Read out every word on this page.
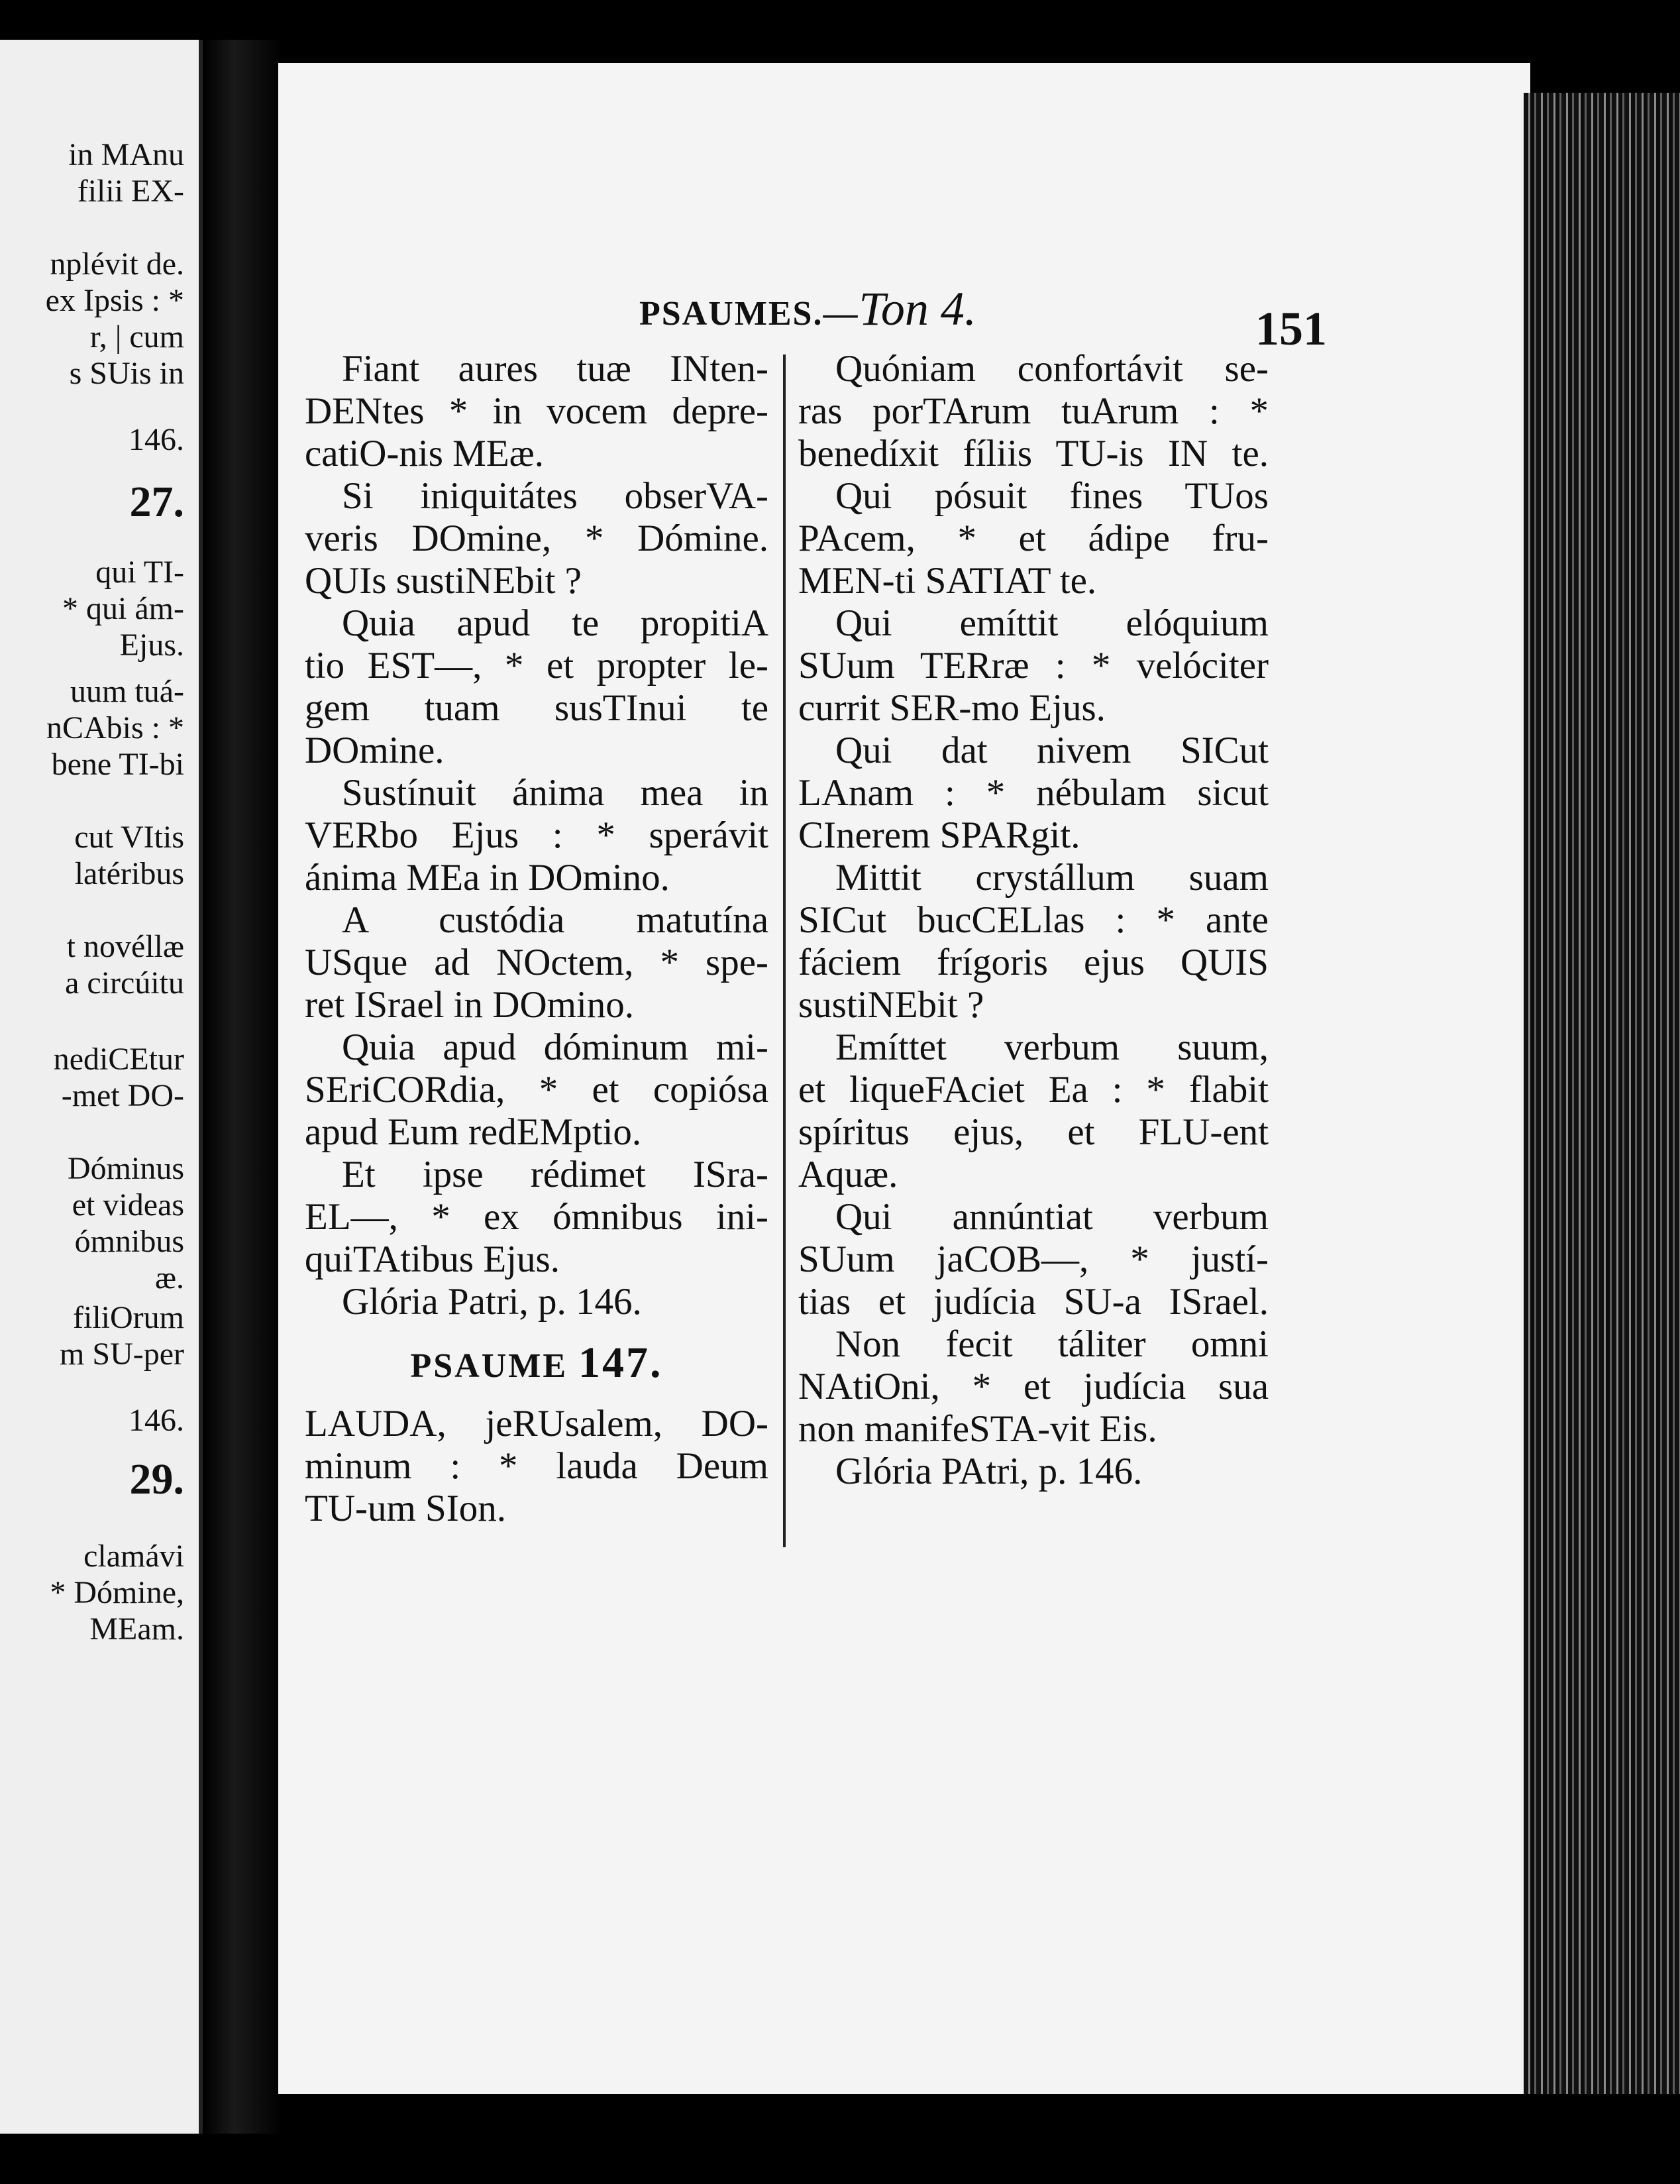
in MAnu
filii EX-
nplévit de.
ex Ipsis : *
r, | cum
s SUis in
146.
27.
qui TI-
* qui ám-
Ejus.
uum tuá-
nCAbis : *
bene TI-bi
cut VItis
latéribus
t novéllæ
a circúitu
nediCEtur
-met DO-
Dóminus
et videas
ómnibus
æ.
filiOrum
m SU-per
146.
29.
clamávi
* Dómine,
MEam.
PSAUMES.—Ton 4.	151
Fiant aures tuæ INten-
DENtes * in vocem depre-
catiO-nis MEæ.
Si iniquitátes obserVA-
veris DOmine, * Dómine.
QUIs sustiNEbit ?
Quia apud te propitiA
tio EST—, * et propter le-
gem tuam susTInui te
DOmine.
Sustínuit ánima mea in
VERbo Ejus : * sperávit
ánima MEa in DOmino.
A custódia matutína
USque ad NOctem, * spe-
ret ISrael in DOmino.
Quia apud dóminum mi-
SEriCORdia, * et copiósa
apud Eum redEMptio.
Et ipse rédimet ISra-
EL—, * ex ómnibus ini-
quiTAtibus Ejus.
Glória Patri, p. 146.
PSAUME 147.
LAUDA, jeRUsalem, DO-
minum : * lauda Deum
TU-um SIon.
Quóniam confortávit se-
ras porTArum tuArum : *
benedíxit fíliis TU-is IN te.
Qui pósuit fines TUos
PAcem, * et ádipe fru-
MEN-ti SATIAT te.
Qui emíttit elóquium
SUum TERræ : * velóciter
currit SER-mo Ejus.
Qui dat nivem SICut
LAnam : * nébulam sicut
CInerem SPARgit.
Mittit crystállum suam
SICut bucCELlas : * ante
fáciem frígoris ejus QUIS
sustiNEbit ?
Emíttet verbum suum,
et liqueFAciet Ea : * flabit
spíritus ejus, et FLU-ent
Aquæ.
Qui annúntiat verbum
SUum jaCOB—, * justí-
tias et judícia SU-a ISrael.
Non fecit táliter omni
NAtiOni, * et judícia sua
non manifeSTA-vit Eis.
Glória PAtri, p. 146.
